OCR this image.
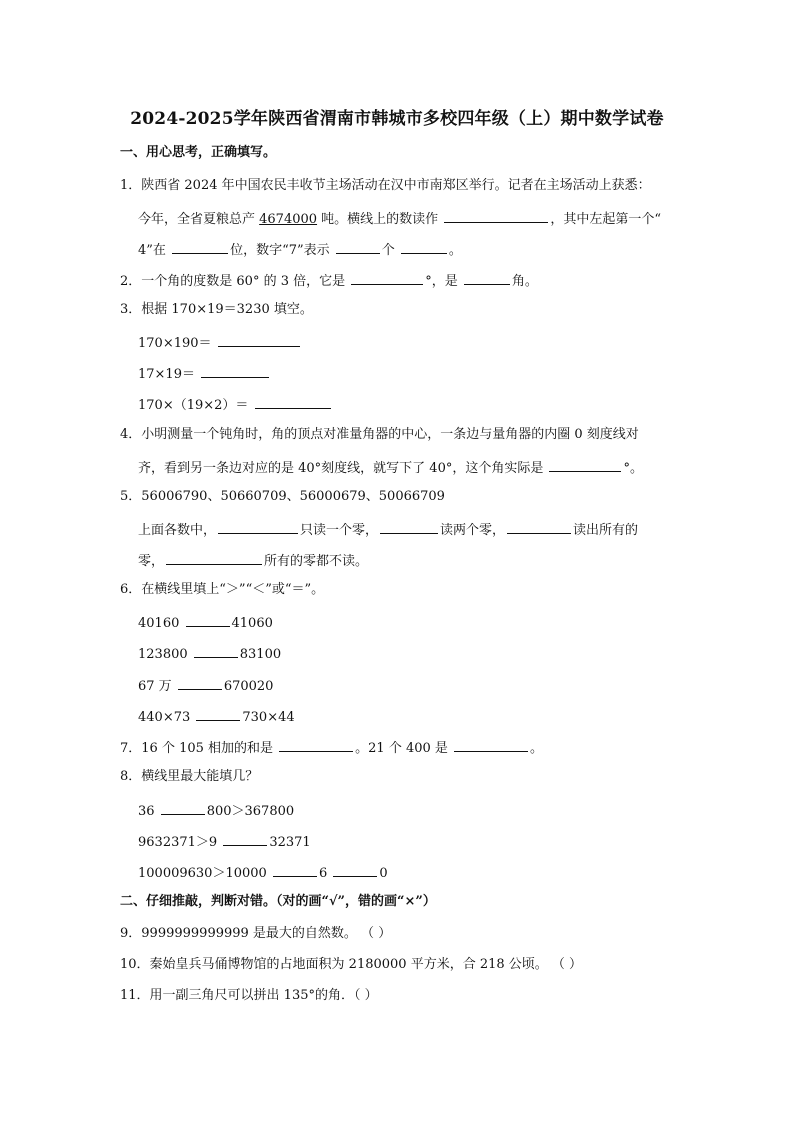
2024-2025学年陕西省渭南市韩城市多校四年级（上）期中数学试卷
一、用心思考，正确填写。
1．陕西省 2024 年中国农民丰收节主场活动在汉中市南郑区举行。记者在主场活动上获悉：
今年，全省夏粮总产 4674000 吨。横线上的数读作	，其中左起第一个“
4”在	位，数字“7”表示	个	。
2．一个角的度数是 60° 的 3 倍，它是	°，是	角。
3．根据 170×19＝3230 填空。
170×190＝
17×19＝
170×（19×2）＝
4．小明测量一个钝角时，角的顶点对准量角器的中心，一条边与量角器的内圈 0 刻度线对
齐，看到另一条边对应的是 40°刻度线，就写下了 40°，这个角实际是	°。
5．56006790、50660709、56000679、50066709
上面各数中，	只读一个零，	读两个零，	读出所有的
零，	所有的零都不读。
6．在横线里填上“＞”“＜”或“＝”。
40160	41060
123800	83100
67 万	670020
440×73	730×44
7．16 个 105 相加的和是	。21 个 400 是	。
8．横线里最大能填几？
36	800＞367800
9632371＞9	32371
100009630＞10000	6	0
二、仔细推敲，判断对错。（对的画“√”，错的画“×”）
9．9999999999999 是最大的自然数。 （ ）
10．秦始皇兵马俑博物馆的占地面积为 2180000 平方米，合 218 公顷。 （ ）
11．用一副三角尺可以拼出 135°的角．（ ）
